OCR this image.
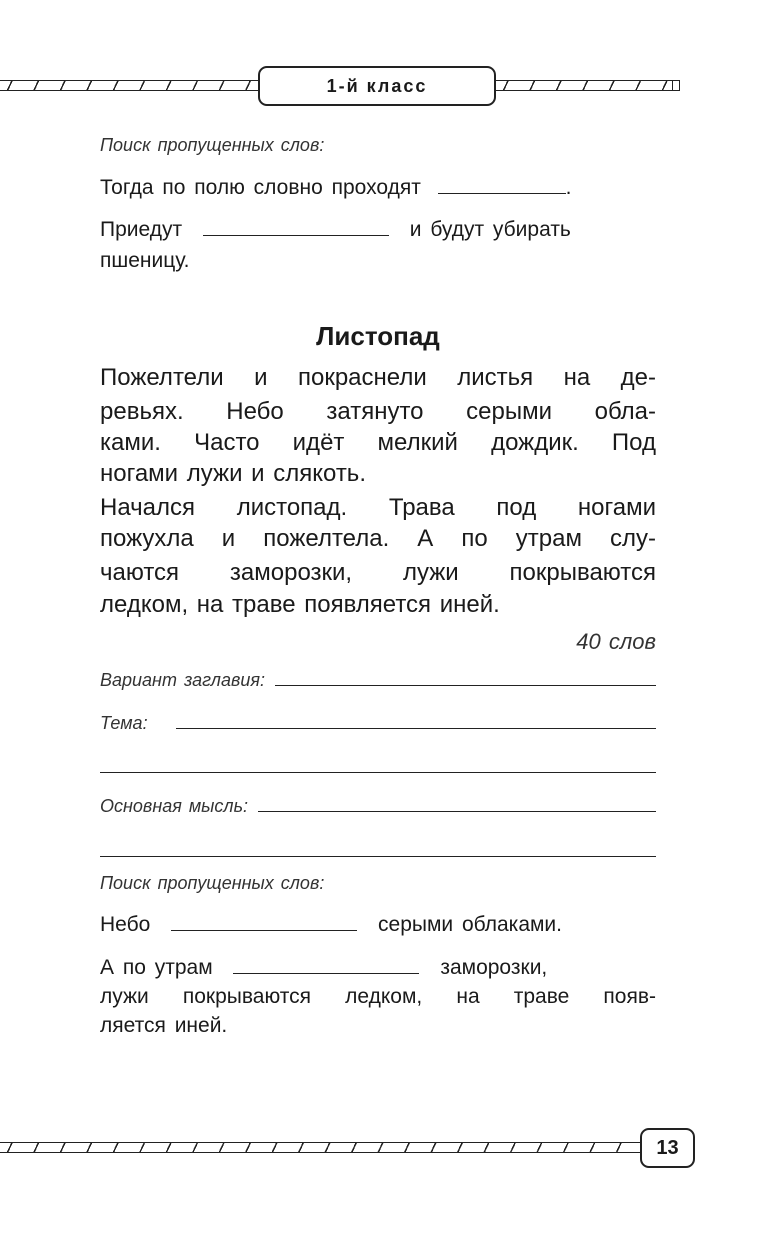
1-й класс
Поиск пропущенных слов:
Тогда по полю словно проходят	.
Приедут	и будут убирать
пшеницу.
Листопад
Пожелтели и покраснели листья на де-
ревьях. Небо затянуто серыми обла-
ками. Часто идёт мелкий дождик. Под
ногами лужи и слякоть.
Начался листопад. Трава под ногами
пожухла и пожелтела. А по утрам слу-
чаются заморозки, лужи покрываются
ледком, на траве появляется иней.
40 слов
Вариант заглавия :
Тема :
Основная мысль :
Поиск пропущенных слов:
Небо	серыми облаками.
А по утрам	заморозки,
лужи покрываются ледком, на траве появ-
ляется иней.
13
